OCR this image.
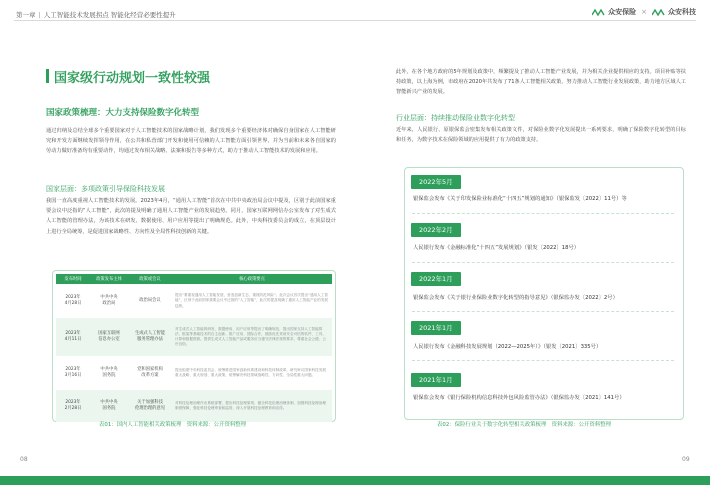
第一章 | 人工智能技术发展拐点 智能化经营必要性提升	众安保险 ×	众安科技
国家级行动规划一致性较强
国家政策梳理：大力支持保险数字化转型
通过归纳及总结全球多个重要国家对于人工智能技术的国家战略计划，我们发现多个重要经济体对确保自身国家在人工智能研究和开发方面继续发挥领导作用，在公共和私营部门开发和使用可信赖的人工智能方面引领世界，并为当前和未来各自国家的劳动力做好准备均有重要动作，均通过发布相关战略、法案和报告等多种方式，助力于推动人工智能技术的发展和应用。
国家层面：多项政策引导保险科技发展
我国一直高度重视人工智能技术的发展。2023年4月，“通用人工智能”首次在中共中央政治局会议中提及，区别于此前国家重要会议中泛指的“人工智能”，此次的提及明确了通用人工智能产业的发展趋势。同月，国家互联网网信办公室发布了对生成式人工智能的管理办法，为该技术在研发、数据使用、用户应用等提出了明确规范。此外，中央科技委员会的成立，在顶层设计上进行全局统筹，是促进国家战略性、方向性及全局性科技创新的关键。
发布时间	政策发布主体	政策或会议	核心政策要点
2023年
4月28日	中共中央
政治局	政治局会议	提出“要重视通用人工智能发展，营造创新生态，重视防范风险”。此次会议首次提出“通用人工智能”，区别于此前国家重要会议中泛指的“人工智能”，此次的提及明确了通用人工智能产业的发展趋势。
2023年
4月11日	国家互联网
信息办公室	生成式人工智能
服务管理办法	对生成式人工智能的研发、数据使用、用户应用等提出了明确规范，提出国家支持人工智能算法、框架等基础技术的自主创新、推广应用、国际合作，鼓励优先采用安全可信的软件、工具、计算和数据资源。提供生成式人工智能产品或服务应当遵守法律法规的要求，尊重社会公德、公序良俗。
2023年
3月16日	中共中央
国务院	党和国家机构
改革方案	提出组建中央科技委员会，统筹推进国家创新体系建设和科技体制改革，研究审议国家科技发展重大战略、重大规划、重大政策，统筹解决科技领域战略性、方向性、全局性重大问题。
2023年
2月28日	中共中央
国务院	关于加强科技
伦理治理的意见	对科技伦理治理作出系统部署，提出科技伦理原则，健全科技伦理治理体制，加强科技伦理治理制度保障，强化科技伦理审查和监管，深入开展科技伦理教育和宣传。
表01：国内人工智能相关政策梳理　资料来源：公开资料整理
08
此外，在各个地方政府的5年规划及政策中，频繁提及了推动人工智能产业发展，并为相关企业提供相应的支持。项目补贴等扶持政策，以上海为例，市政府在2020年共发布了71条人工智能相关政策，努力推动人工智能行业发展政策，助力地方区域人工智能新兴产业的发展。
行业层面：持续推动保险业数字化转型
近年来，人民银行、原银保监会密集发布相关政策文件，对保险业数字化发展提出一系列要求，明确了保险数字化转型的目标和任务，为数字技术在保险领域的应用提供了有力的政策支持。
2022年5月
银保监会发布《关于印发保险业标准化“十四五”规划的通知》（银保监发〔2022〕11号）等
2022年2月
人民银行发布《金融标准化“十四五”发展规划》（银发〔2022〕18号）
2022年1月
银保监会发布《关于银行业保险业数字化转型的指导意见》（银保监办发〔2022〕2号）
2021年1月
人民银行发布《金融科技发展规划（2022—2025年）》（银发〔2021〕335号）
2021年1月
银保监会发布《银行保险机构信息科技外包风险监管办法》（银保监办发〔2021〕141号）
表02：保险行业关于数字化转型相关政策梳理　资料来源：公开资料整理
09
